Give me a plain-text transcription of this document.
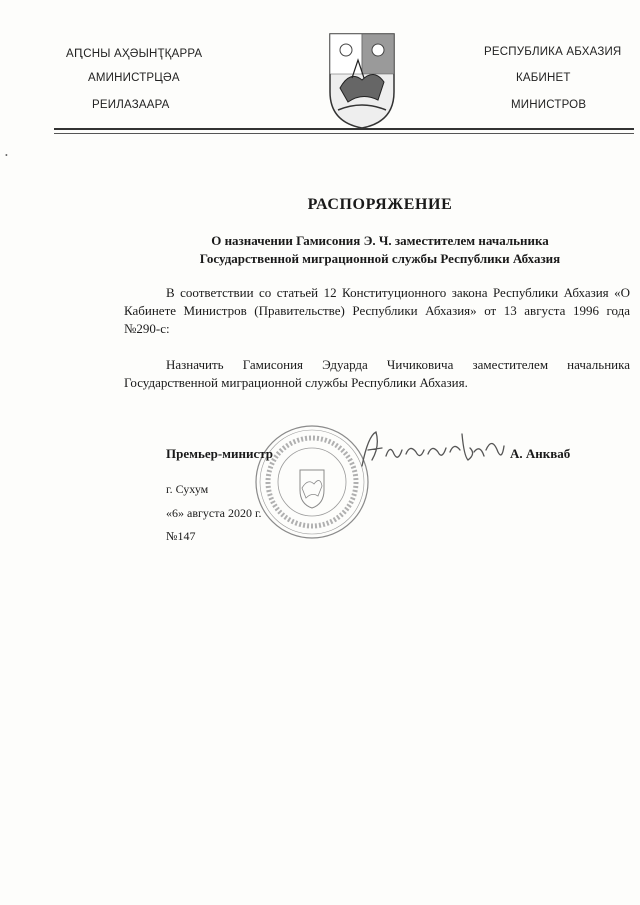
АԤСНЫ АҲӘЫНҬҚАРРА
АМИНИСТРЦӘА
РЕИЛАЗААРА
РЕСПУБЛИКА АБХАЗИЯ
КАБИНЕТ
МИНИСТРОВ
•
РАСПОРЯЖЕНИЕ
О назначении Гамисония Э. Ч. заместителем начальника
Государственной миграционной службы Республики Абхазия

В соответствии со статьей 12 Конституционного закона Республики Абхазия «О Кабинете Министров (Правительстве) Республики Абхазия» от 13 августа 1996 года №290-с:

Назначить Гамисония Эдуарда Чичиковича заместителем начальника Государственной миграционной службы Республики Абхазия.

Премьер-министр	А. Анкваб
г. Сухум
«6» августа 2020 г.
№147
